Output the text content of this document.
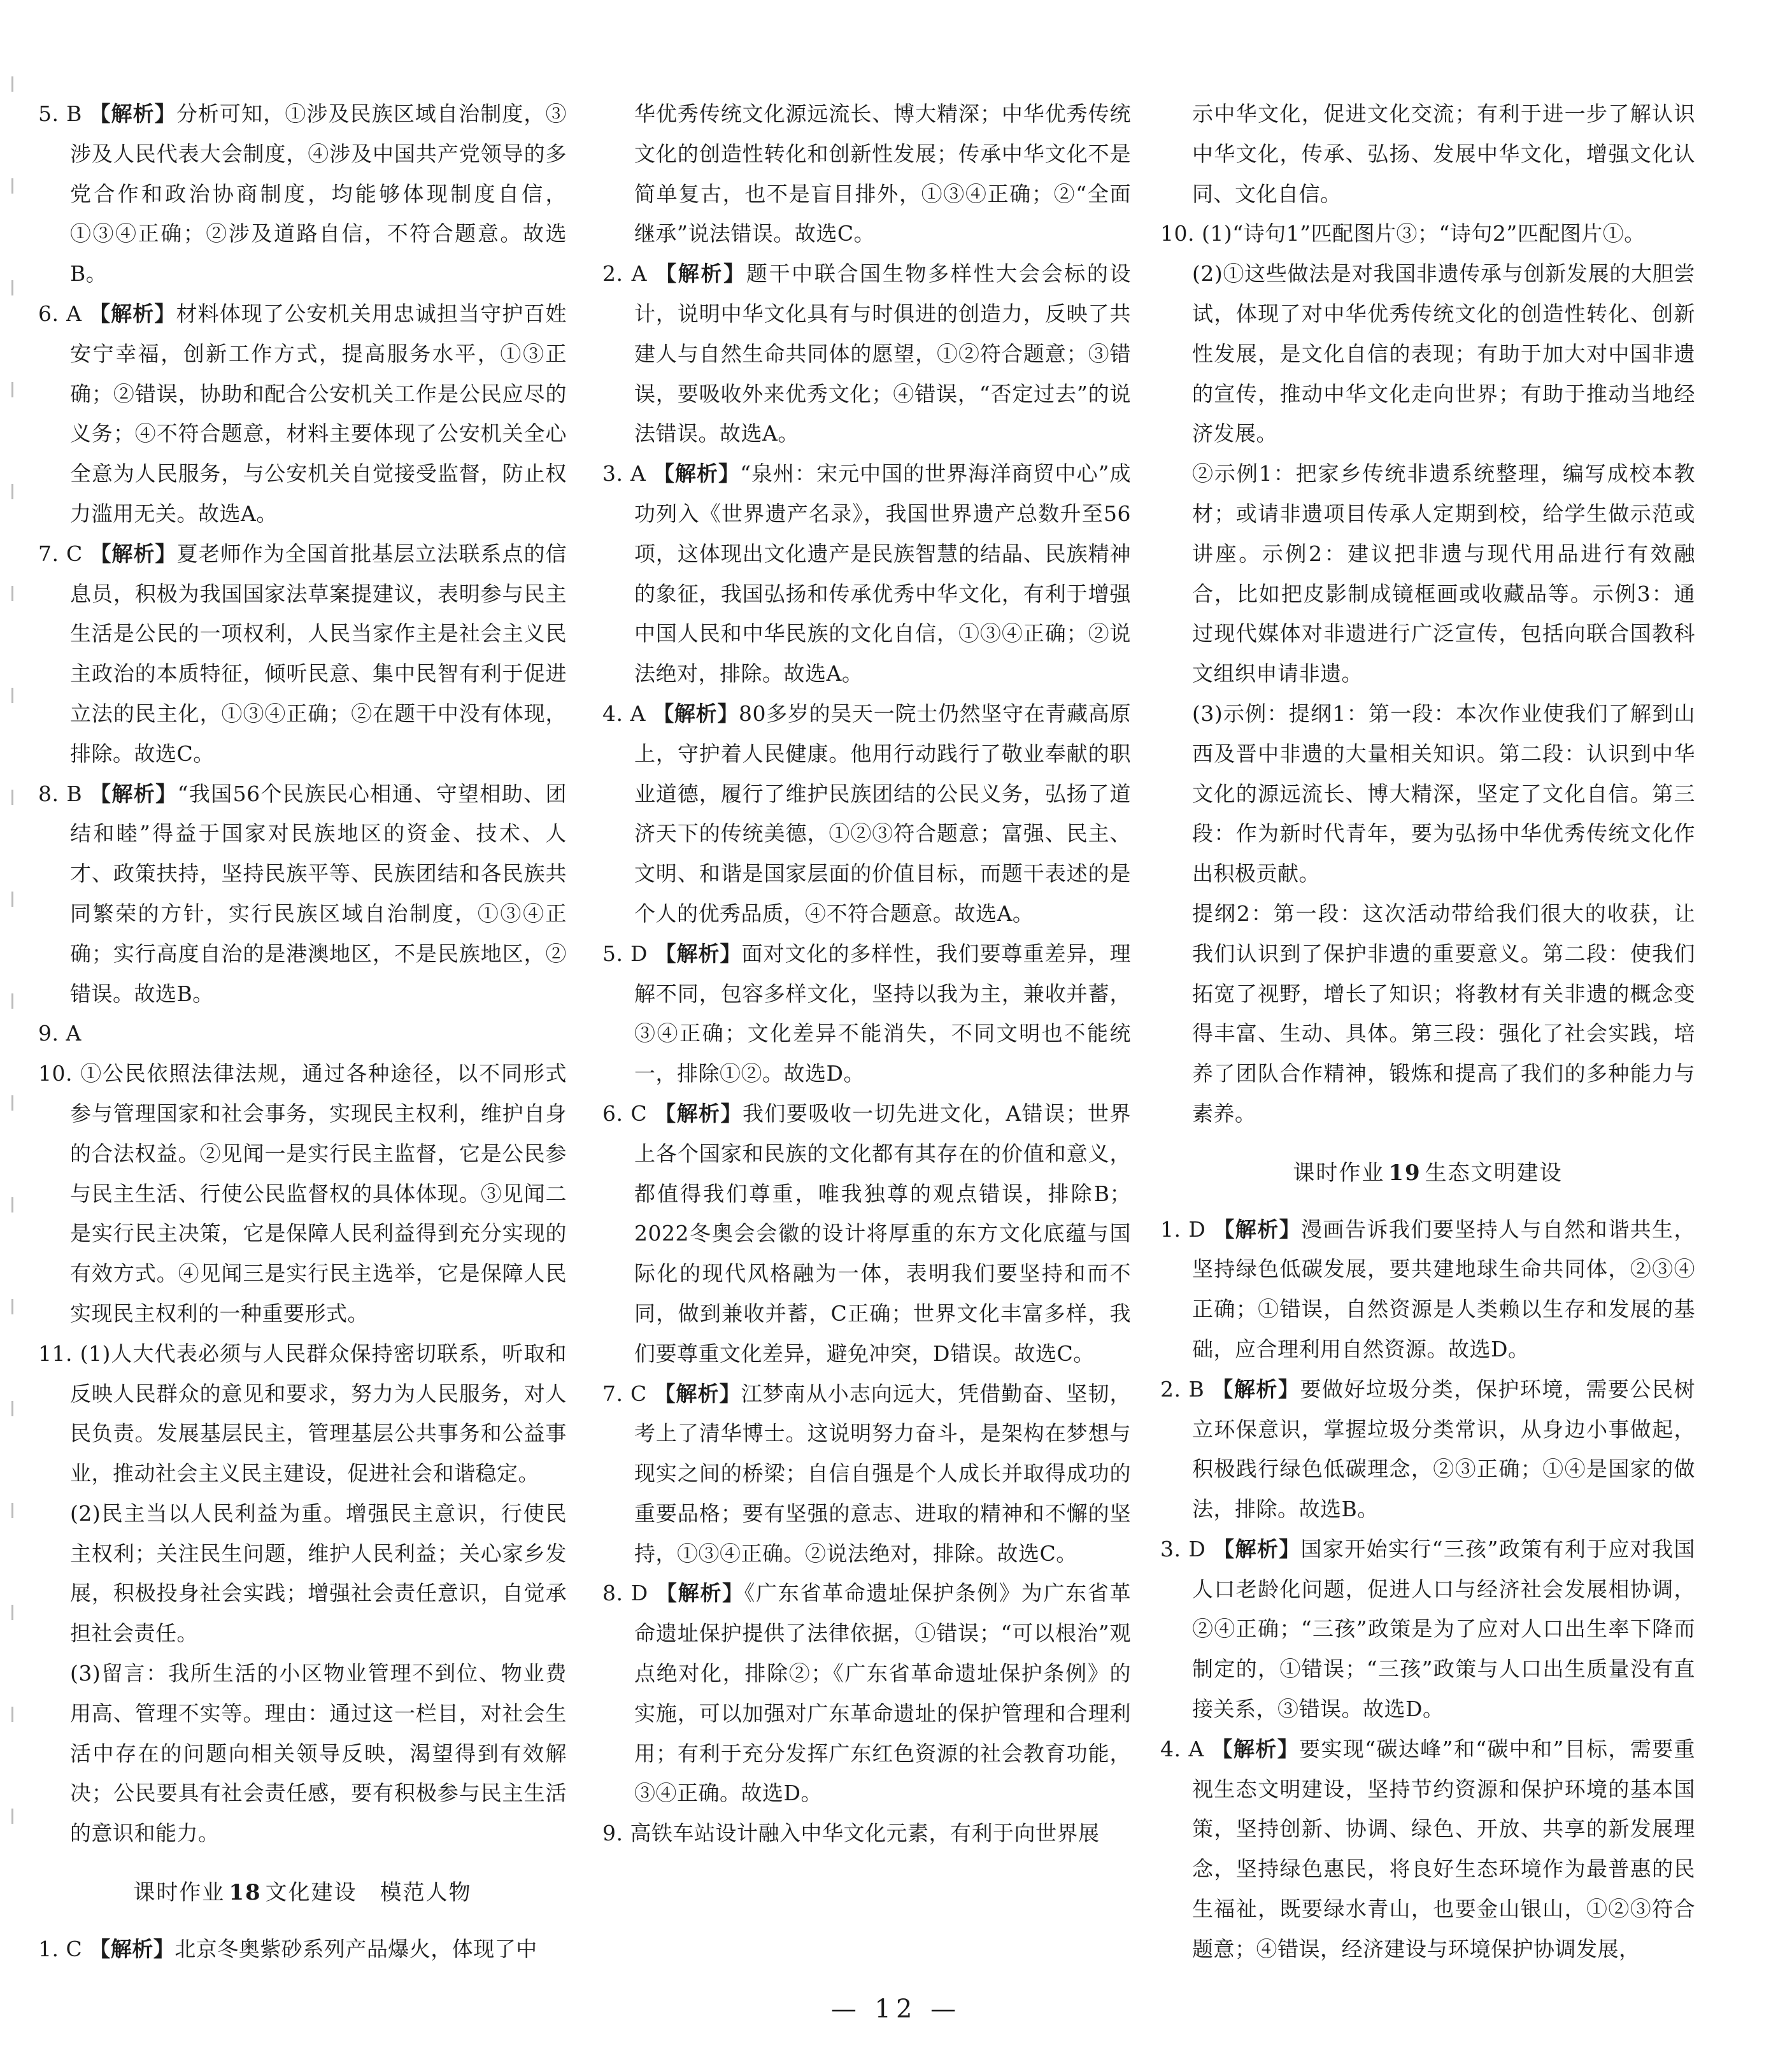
5. B 【解析】分析可知，①涉及民族区域自治制度，③涉及人民代表大会制度，④涉及中国共产党领导的多党合作和政治协商制度，均能够体现制度自信，①③④正确；②涉及道路自信，不符合题意。故选B。

6. A 【解析】材料体现了公安机关用忠诚担当守护百姓安宁幸福，创新工作方式，提高服务水平，①③正确；②错误，协助和配合公安机关工作是公民应尽的义务；④不符合题意，材料主要体现了公安机关全心全意为人民服务，与公安机关自觉接受监督，防止权力滥用无关。故选A。

7. C 【解析】夏老师作为全国首批基层立法联系点的信息员，积极为我国国家法草案提建议，表明参与民主生活是公民的一项权利，人民当家作主是社会主义民主政治的本质特征，倾听民意、集中民智有利于促进立法的民主化，①③④正确；②在题干中没有体现，排除。故选C。

8. B 【解析】“我国56个民族民心相通、守望相助、团结和睦”得益于国家对民族地区的资金、技术、人才、政策扶持，坚持民族平等、民族团结和各民族共同繁荣的方针，实行民族区域自治制度，①③④正确；实行高度自治的是港澳地区，不是民族地区，②错误。故选B。

9. A

10. ①公民依照法律法规，通过各种途径，以不同形式参与管理国家和社会事务，实现民主权利，维护自身的合法权益。②见闻一是实行民主监督，它是公民参与民主生活、行使公民监督权的具体体现。③见闻二是实行民主决策，它是保障人民利益得到充分实现的有效方式。④见闻三是实行民主选举，它是保障人民实现民主权利的一种重要形式。

11. (1)人大代表必须与人民群众保持密切联系，听取和反映人民群众的意见和要求，努力为人民服务，对人民负责。发展基层民主，管理基层公共事务和公益事业，推动社会主义民主建设，促进社会和谐稳定。

(2)民主当以人民利益为重。增强民主意识，行使民主权利；关注民生问题，维护人民利益；关心家乡发展，积极投身社会实践；增强社会责任意识，自觉承担社会责任。

(3)留言：我所生活的小区物业管理不到位、物业费用高、管理不实等。理由：通过这一栏目，对社会生活中存在的问题向相关领导反映，渴望得到有效解决；公民要具有社会责任感，要有积极参与民主生活的意识和能力。

课时作业 18 文化建设　模范人物

1. C 【解析】北京冬奥紫砂系列产品爆火，体现了中

华优秀传统文化源远流长、博大精深；中华优秀传统文化的创造性转化和创新性发展；传承中华文化不是简单复古，也不是盲目排外，①③④正确；②“全面继承”说法错误。故选C。

2. A 【解析】题干中联合国生物多样性大会会标的设计，说明中华文化具有与时俱进的创造力，反映了共建人与自然生命共同体的愿望，①②符合题意；③错误，要吸收外来优秀文化；④错误，“否定过去”的说法错误。故选A。

3. A 【解析】“泉州：宋元中国的世界海洋商贸中心”成功列入《世界遗产名录》，我国世界遗产总数升至56项，这体现出文化遗产是民族智慧的结晶、民族精神的象征，我国弘扬和传承优秀中华文化，有利于增强中国人民和中华民族的文化自信，①③④正确；②说法绝对，排除。故选A。

4. A 【解析】80多岁的吴天一院士仍然坚守在青藏高原上，守护着人民健康。他用行动践行了敬业奉献的职业道德，履行了维护民族团结的公民义务，弘扬了道济天下的传统美德，①②③符合题意；富强、民主、文明、和谐是国家层面的价值目标，而题干表述的是个人的优秀品质，④不符合题意。故选A。

5. D 【解析】面对文化的多样性，我们要尊重差异，理解不同，包容多样文化，坚持以我为主，兼收并蓄，③④正确；文化差异不能消失，不同文明也不能统一，排除①②。故选D。

6. C 【解析】我们要吸收一切先进文化，A错误；世界上各个国家和民族的文化都有其存在的价值和意义，都值得我们尊重，唯我独尊的观点错误，排除B；2022冬奥会会徽的设计将厚重的东方文化底蕴与国际化的现代风格融为一体，表明我们要坚持和而不同，做到兼收并蓄，C正确；世界文化丰富多样，我们要尊重文化差异，避免冲突，D错误。故选C。

7. C 【解析】江梦南从小志向远大，凭借勤奋、坚韧，考上了清华博士。这说明努力奋斗，是架构在梦想与现实之间的桥梁；自信自强是个人成长并取得成功的重要品格；要有坚强的意志、进取的精神和不懈的坚持，①③④正确。②说法绝对，排除。故选C。

8. D 【解析】《广东省革命遗址保护条例》为广东省革命遗址保护提供了法律依据，①错误；“可以根治”观点绝对化，排除②；《广东省革命遗址保护条例》的实施，可以加强对广东革命遗址的保护管理和合理利用；有利于充分发挥广东红色资源的社会教育功能，③④正确。故选D。

9. 高铁车站设计融入中华文化元素，有利于向世界展

示中华文化，促进文化交流；有利于进一步了解认识中华文化，传承、弘扬、发展中华文化，增强文化认同、文化自信。

10. (1)“诗句1”匹配图片③；“诗句2”匹配图片①。

(2)①这些做法是对我国非遗传承与创新发展的大胆尝试，体现了对中华优秀传统文化的创造性转化、创新性发展，是文化自信的表现；有助于加大对中国非遗的宣传，推动中华文化走向世界；有助于推动当地经济发展。

②示例1：把家乡传统非遗系统整理，编写成校本教材；或请非遗项目传承人定期到校，给学生做示范或讲座。示例2：建议把非遗与现代用品进行有效融合，比如把皮影制成镜框画或收藏品等。示例3：通过现代媒体对非遗进行广泛宣传，包括向联合国教科文组织申请非遗。

(3)示例：提纲1：第一段：本次作业使我们了解到山西及晋中非遗的大量相关知识。第二段：认识到中华文化的源远流长、博大精深，坚定了文化自信。第三段：作为新时代青年，要为弘扬中华优秀传统文化作出积极贡献。

提纲2：第一段：这次活动带给我们很大的收获，让我们认识到了保护非遗的重要意义。第二段：使我们拓宽了视野，增长了知识；将教材有关非遗的概念变得丰富、生动、具体。第三段：强化了社会实践，培养了团队合作精神，锻炼和提高了我们的多种能力与素养。

课时作业 19 生态文明建设

1. D 【解析】漫画告诉我们要坚持人与自然和谐共生，坚持绿色低碳发展，要共建地球生命共同体，②③④正确；①错误，自然资源是人类赖以生存和发展的基础，应合理利用自然资源。故选D。

2. B 【解析】要做好垃圾分类，保护环境，需要公民树立环保意识，掌握垃圾分类常识，从身边小事做起，积极践行绿色低碳理念，②③正确；①④是国家的做法，排除。故选B。

3. D 【解析】国家开始实行“三孩”政策有利于应对我国人口老龄化问题，促进人口与经济社会发展相协调，②④正确；“三孩”政策是为了应对人口出生率下降而制定的，①错误；“三孩”政策与人口出生质量没有直接关系，③错误。故选D。

4. A 【解析】要实现“碳达峰”和“碳中和”目标，需要重视生态文明建设，坚持节约资源和保护环境的基本国策，坚持创新、协调、绿色、开放、共享的新发展理念，坚持绿色惠民，将良好生态环境作为最普惠的民生福祉，既要绿水青山，也要金山银山，①②③符合题意；④错误，经济建设与环境保护协调发展，

— 12 —
